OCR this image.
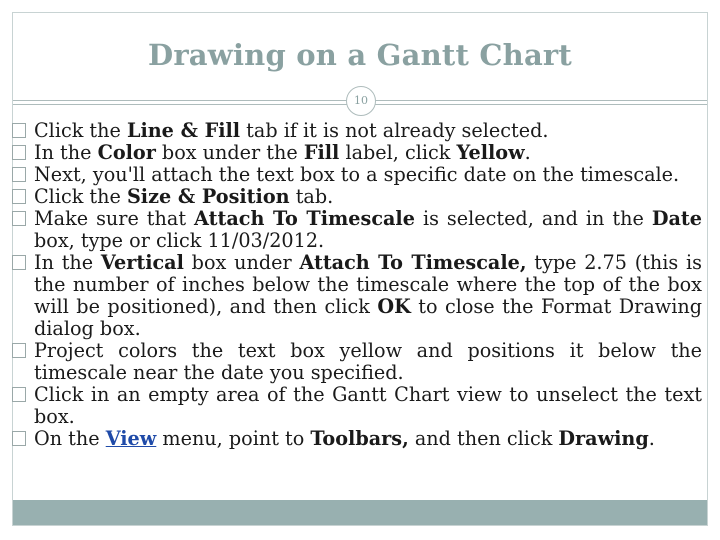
Drawing on a Gantt Chart
10
Click the Line & Fill tab if it is not already selected.
In the Color box under the Fill label, click Yellow.
Next, you'll attach the text box to a specific date on the timescale.
Click the Size & Position tab.
Make sure that Attach To Timescale is selected, and in the Date box, type or click 11/03/2012.
In the Vertical box under Attach To Timescale, type 2.75 (this is the number of inches below the timescale where the top of the box will be positioned), and then click OK to close the Format Drawing dialog box.
Project colors the text box yellow and positions it below the timescale near the date you specified.
Click in an empty area of the Gantt Chart view to unselect the text box.
On the View menu, point to Toolbars, and then click Drawing.
